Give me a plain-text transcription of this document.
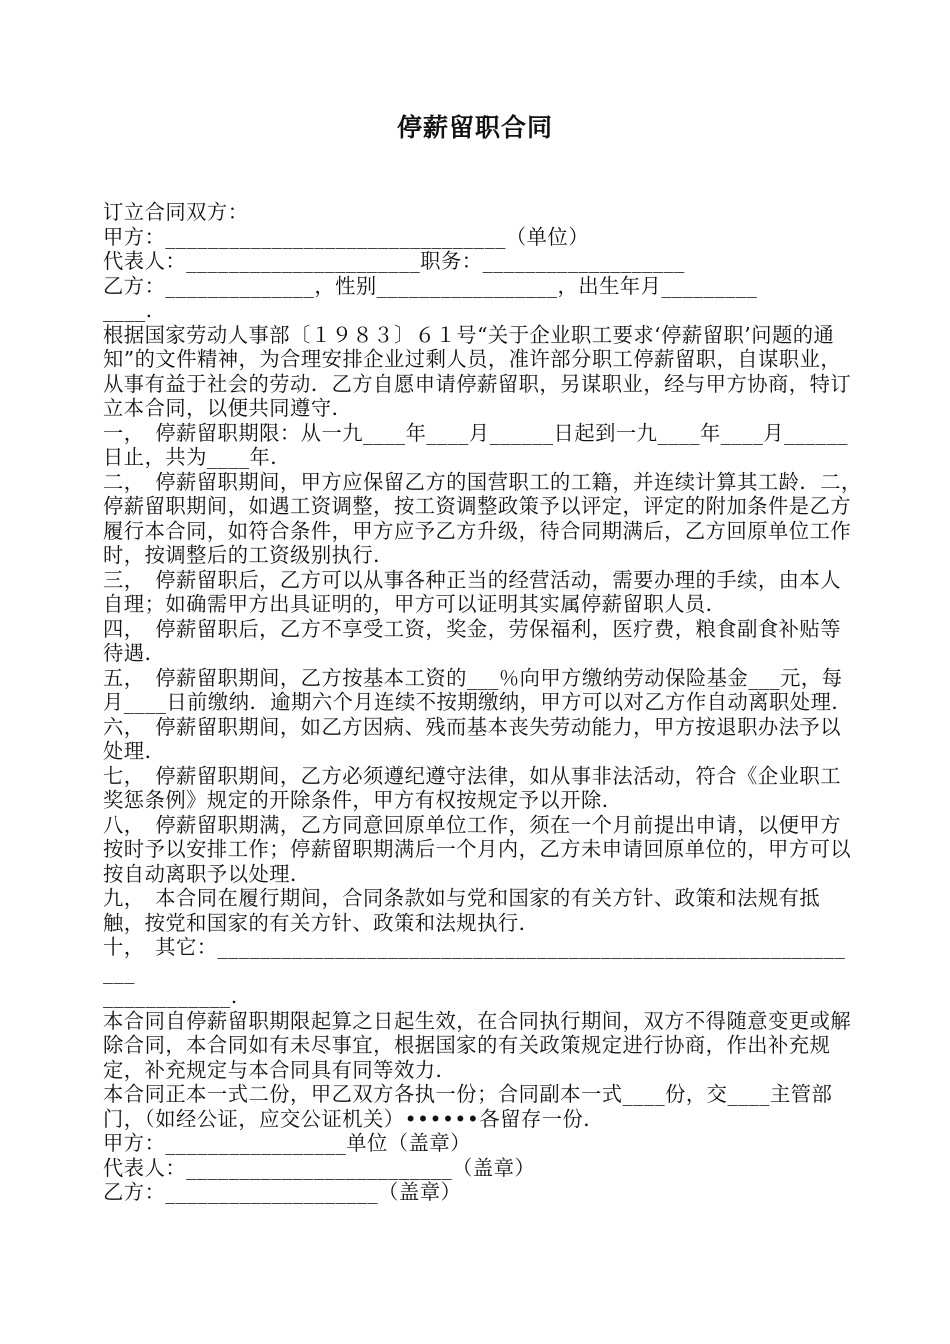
停薪留职合同

订立合同双方：

甲方：________________________________（单位）

代表人：______________________职务：___________________

乙方：______________，性别_________________，出生年月_________

____.

根据国家劳动人事部〔１９８３〕６１号“关于企业职工要求‘停薪留职’问题的通知”的文件精神，为合理安排企业过剩人员，准许部分职工停薪留职，自谋职业，从事有益于社会的劳动．乙方自愿申请停薪留职，另谋职业，经与甲方协商，特订立本合同，以便共同遵守．

一，　停薪留职期限：从一九____年____月______日起到一九____年____月______日止，共为____年．

二，　停薪留职期间，甲方应保留乙方的国营职工的工籍，并连续计算其工龄．二，　停薪留职期间，如遇工资调整，按工资调整政策予以评定，评定的附加条件是乙方履行本合同，如符合条件，甲方应予乙方升级，待合同期满后，乙方回原单位工作时，按调整后的工资级别执行．

三，　停薪留职后，乙方可以从事各种正当的经营活动，需要办理的手续，由本人自理；如确需甲方出具证明的，甲方可以证明其实属停薪留职人员．

四，　停薪留职后，乙方不享受工资，奖金，劳保福利，医疗费，粮食副食补贴等待遇．

五，　停薪留职期间，乙方按基本工资的___％向甲方缴纳劳动保险基金___元，每月____日前缴纳．逾期六个月连续不按期缴纳，甲方可以对乙方作自动离职处理．

六，　停薪留职期间，如乙方因病、残而基本丧失劳动能力，甲方按退职办法予以处理．

七，　停薪留职期间，乙方必须遵纪遵守法律，如从事非法活动，符合《企业职工奖惩条例》规定的开除条件，甲方有权按规定予以开除．

八，　停薪留职期满，乙方同意回原单位工作，须在一个月前提出申请，以便甲方按时予以安排工作；停薪留职期满后一个月内，乙方未申请回原单位的，甲方可以按自动离职予以处理．

九，　本合同在履行期间，合同条款如与党和国家的有关方针、政策和法规有抵触，按党和国家的有关方针、政策和法规执行．

十，　其它：______________________________________________________________

____________.

本合同自停薪留职期限起算之日起生效，在合同执行期间，双方不得随意变更或解除合同，本合同如有未尽事宜，根据国家的有关政策规定进行协商，作出补充规定，补充规定与本合同具有同等效力．

本合同正本一式二份，甲乙双方各执一份；合同副本一式____份，交____主管部门，（如经公证，应交公证机关）••••••各留存一份．

甲方：_________________单位（盖章）

代表人：_________________________（盖章）

乙方：____________________（盖章）
